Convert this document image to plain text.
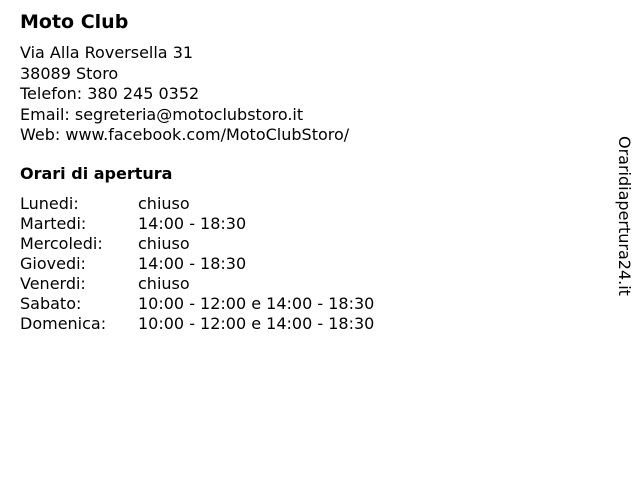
Moto Club
Via Alla Roversella 31
38089 Storo
Telefon: 380 245 0352
Email: segreteria@motoclubstoro.it
Web: www.facebook.com/MotoClubStoro/
Orari di apertura
Lunedi:	chiuso
Martedi:	14:00 - 18:30
Mercoledi:	chiuso
Giovedi:	14:00 - 18:30
Venerdi:	chiuso
Sabato:	10:00 - 12:00 e 14:00 - 18:30
Domenica:	10:00 - 12:00 e 14:00 - 18:30
Oraridiapertura24.it
